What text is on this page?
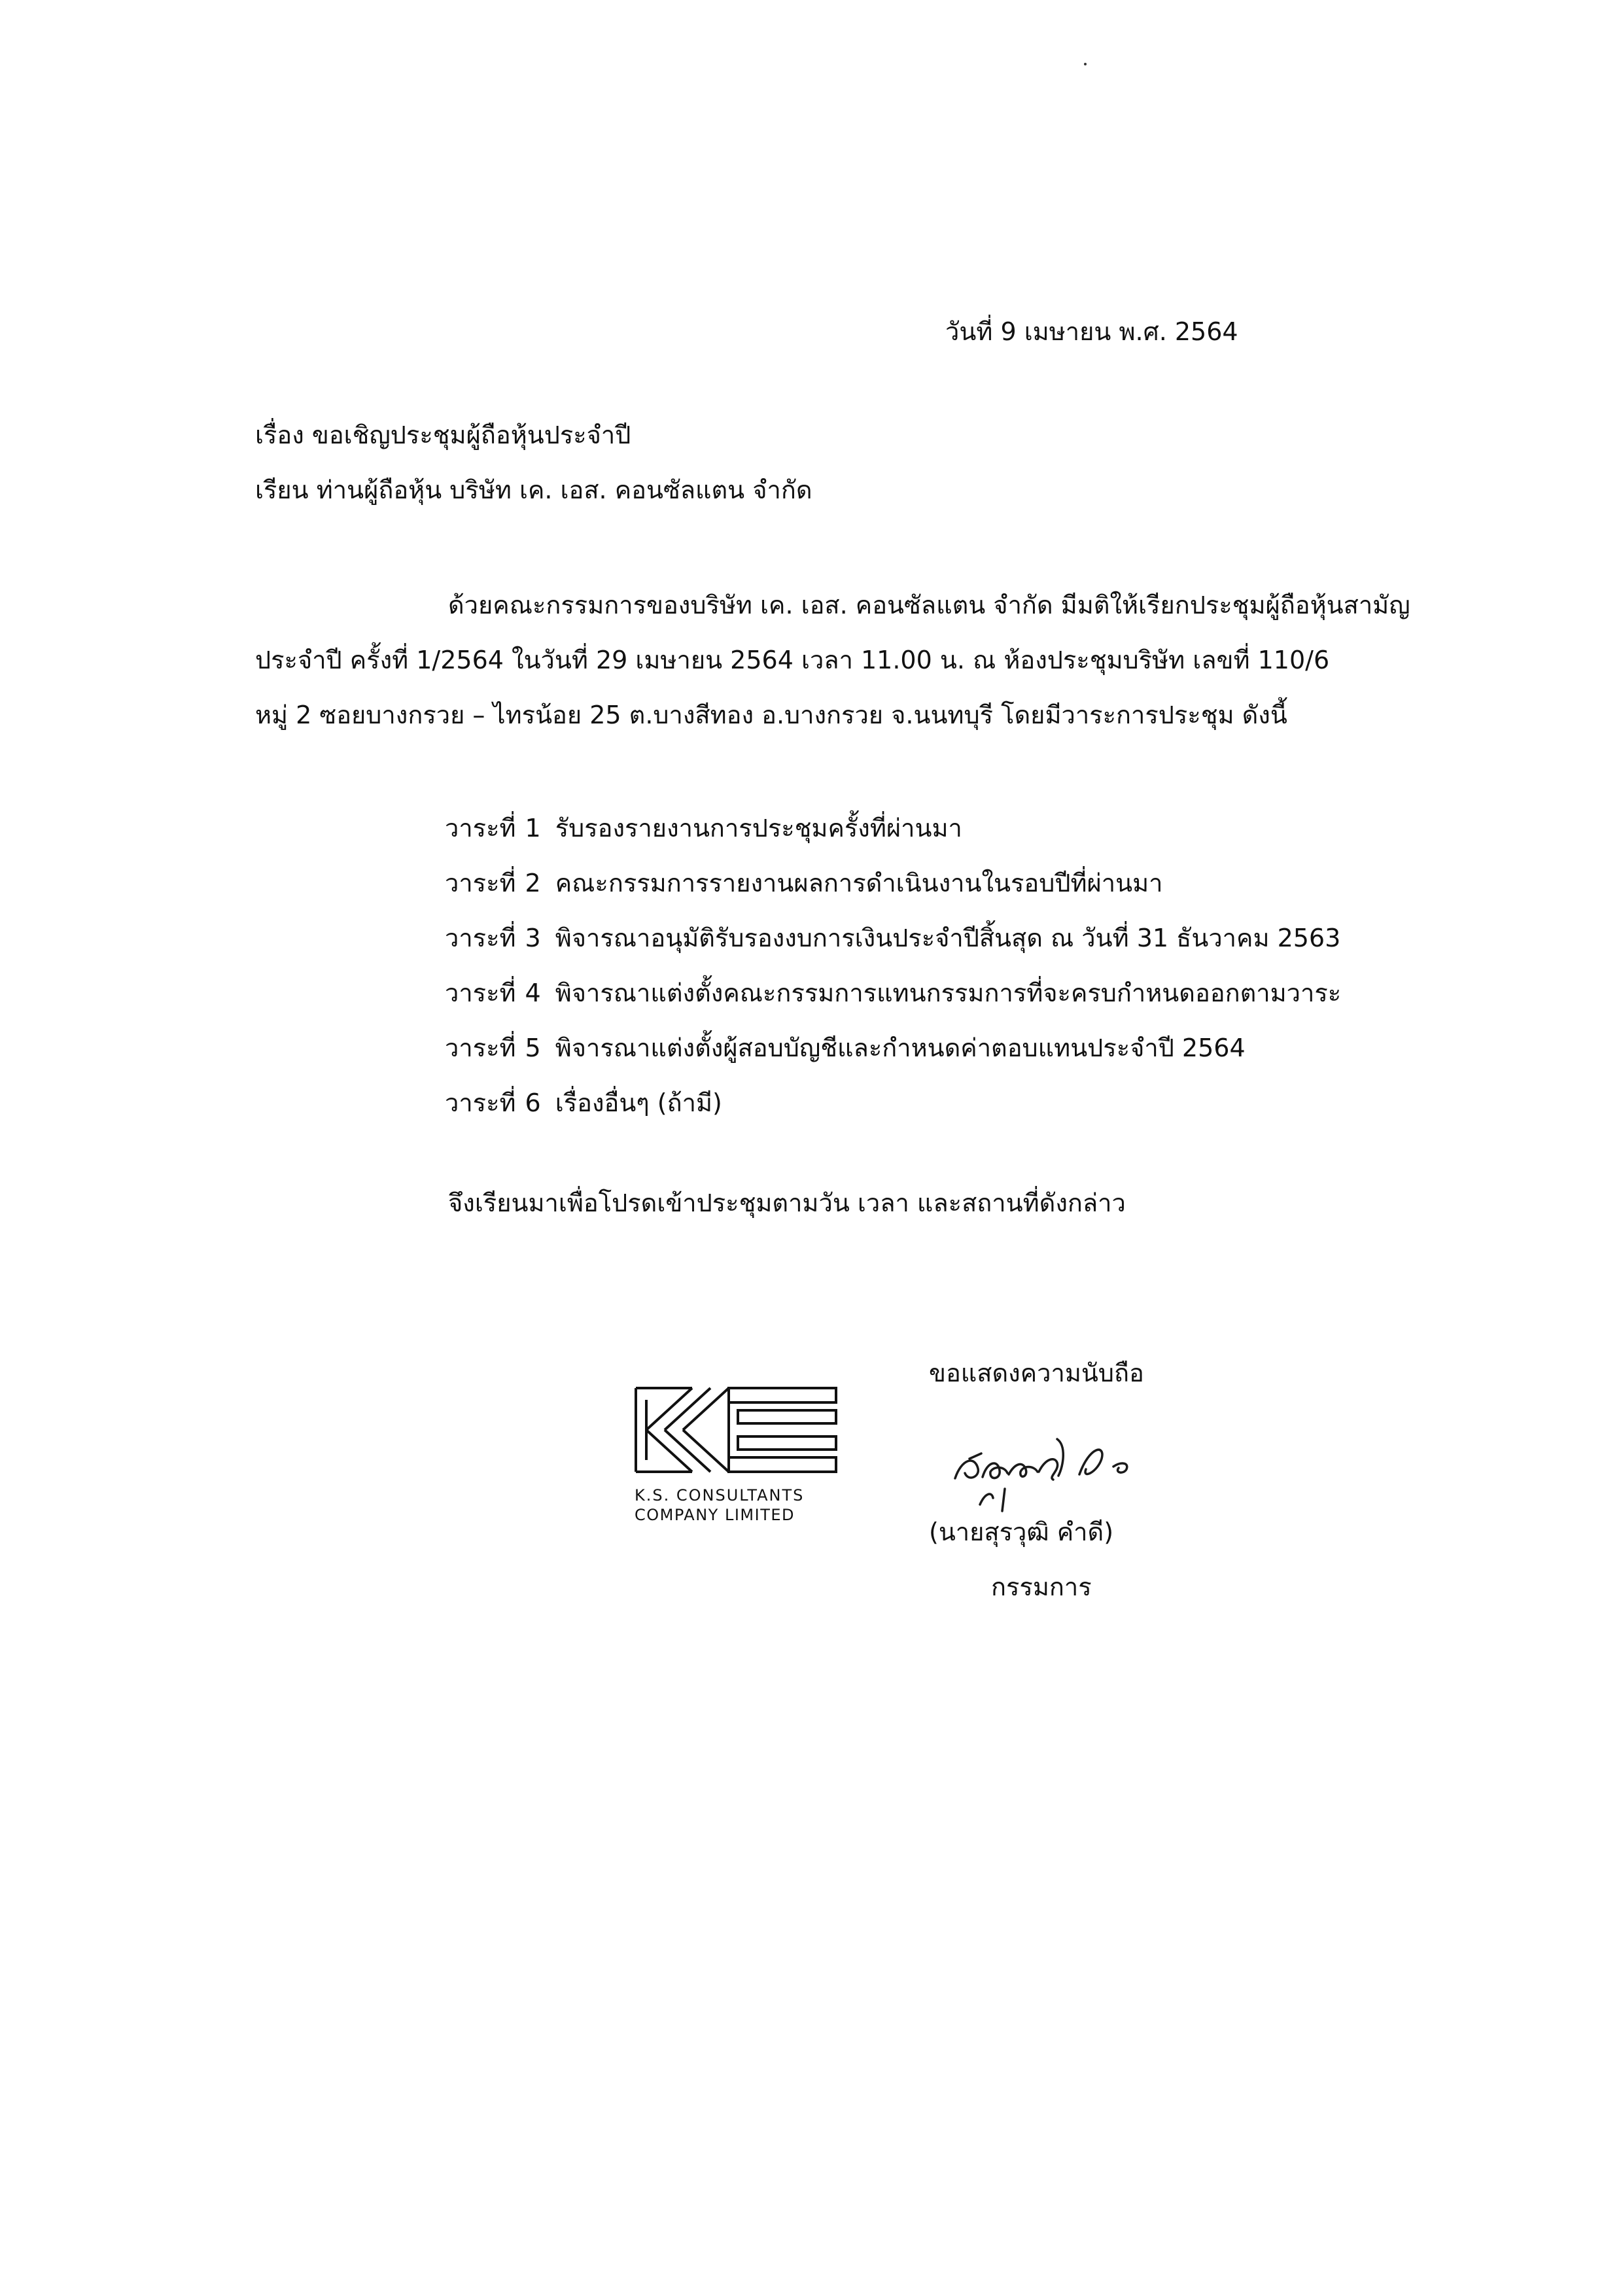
วันที่ 9 เมษายน พ.ศ. 2564
เรื่อง ขอเชิญประชุมผู้ถือหุ้นประจำปี
เรียน ท่านผู้ถือหุ้น บริษัท เค. เอส. คอนซัลแตน จำกัด
ด้วยคณะกรรมการของบริษัท เค. เอส. คอนซัลแตน จำกัด มีมติให้เรียกประชุมผู้ถือหุ้นสามัญ
ประจำปี ครั้งที่ 1/2564 ในวันที่ 29 เมษายน 2564 เวลา 11.00 น. ณ ห้องประชุมบริษัท เลขที่ 110/6
หมู่ 2 ซอยบางกรวย – ไทรน้อย 25 ต.บางสีทอง อ.บางกรวย จ.นนทบุรี โดยมีวาระการประชุม ดังนี้
วาระที่ 1 รับรองรายงานการประชุมครั้งที่ผ่านมา
วาระที่ 2 คณะกรรมการรายงานผลการดำเนินงานในรอบปีที่ผ่านมา
วาระที่ 3 พิจารณาอนุมัติรับรองงบการเงินประจำปีสิ้นสุด ณ วันที่ 31 ธันวาคม 2563
วาระที่ 4 พิจารณาแต่งตั้งคณะกรรมการแทนกรรมการที่จะครบกำหนดออกตามวาระ
วาระที่ 5 พิจารณาแต่งตั้งผู้สอบบัญชีและกำหนดค่าตอบแทนประจำปี 2564
วาระที่ 6 เรื่องอื่นๆ (ถ้ามี)
จึงเรียนมาเพื่อโปรดเข้าประชุมตามวัน เวลา และสถานที่ดังกล่าว
ขอแสดงความนับถือ
K.S. CONSULTANTS
COMPANY LIMITED
(นายสุรวุฒิ คำดี)
กรรมการ
